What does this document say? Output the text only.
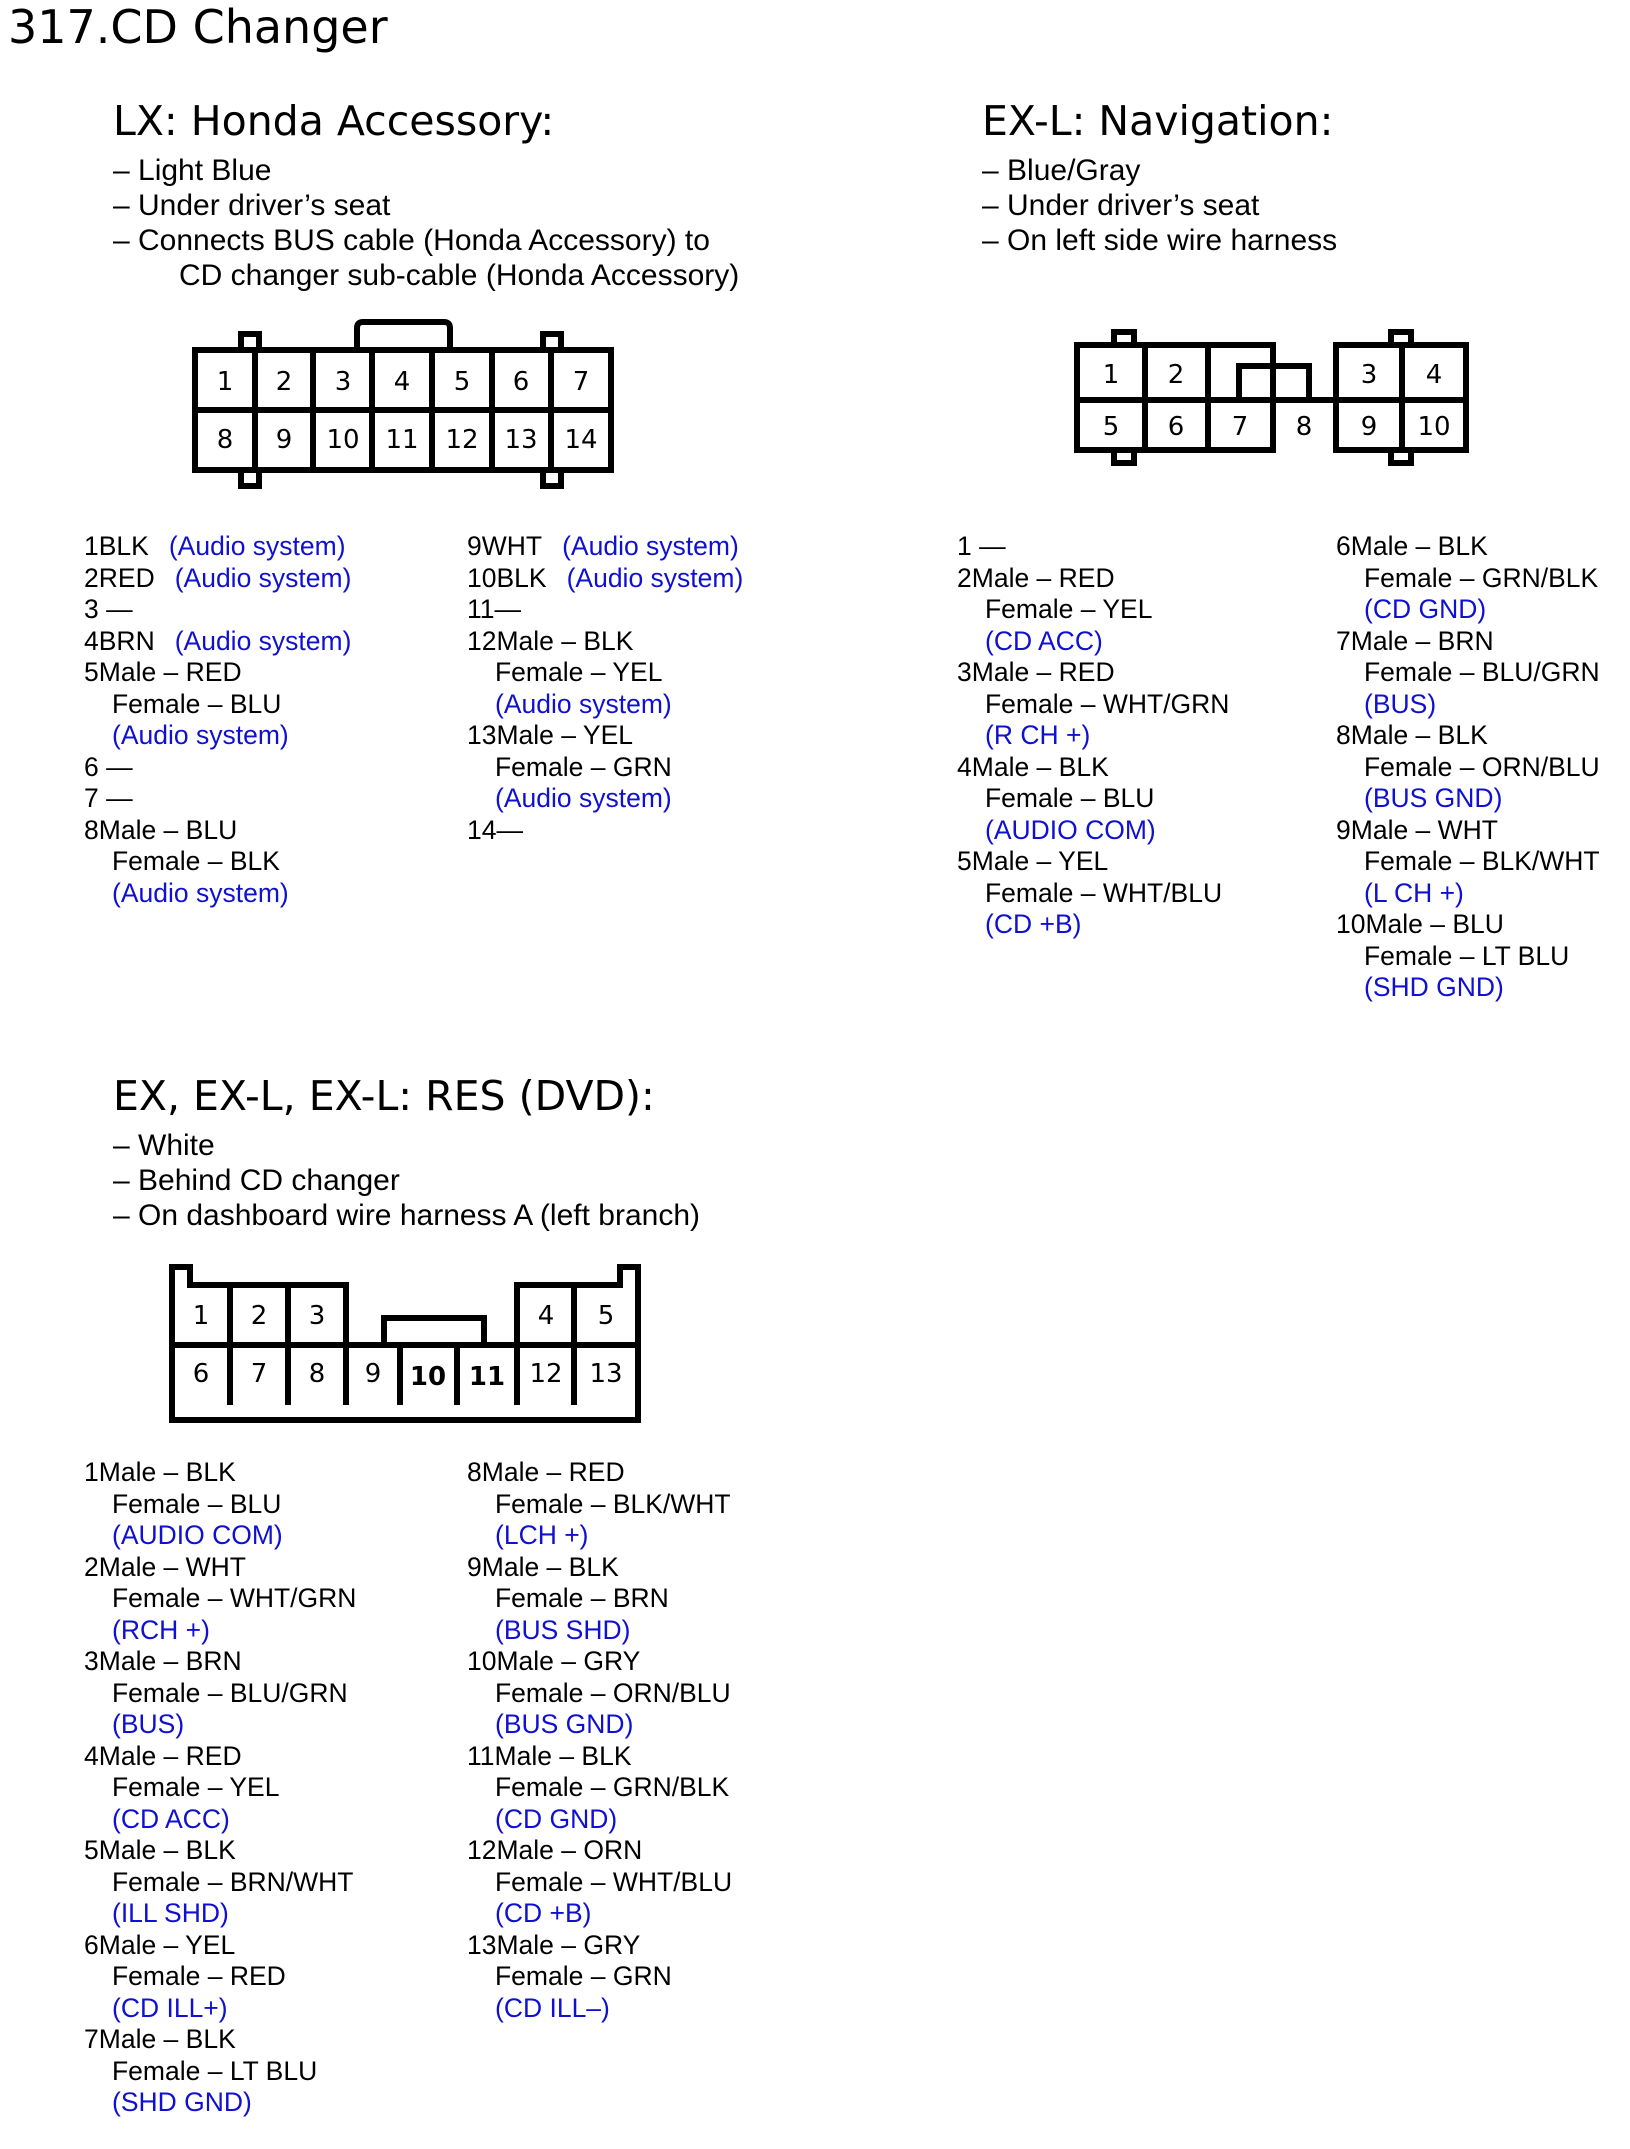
317.CD Changer
LX: Honda Accessory:
– Light Blue
– Under driver’s seat
– Connects BUS cable (Honda Accessory) to
CD changer sub-cable (Honda Accessory)
1 2 3 4 5 6 7
8 9 10 11 12 13 14
1BLK (Audio system)
2RED (Audio system)
3 —
4BRN (Audio system)
5Male – RED
Female – BLU
(Audio system)
6 —
7 —
8Male – BLU
Female – BLK
(Audio system)
9WHT (Audio system)
10BLK (Audio system)
11—
12Male – BLK
Female – YEL
(Audio system)
13Male – YEL
Female – GRN
(Audio system)
14—
EX-L: Navigation:
– Blue/Gray
– Under driver’s seat
– On left side wire harness
1 2	3 4
5 6 7 8 9 10
1 —
2Male – RED
Female – YEL
(CD ACC)
3Male – RED
Female – WHT/GRN
(R CH +)
4Male – BLK
Female – BLU
(AUDIO COM)
5Male – YEL
Female – WHT/BLU
(CD +B)
6Male – BLK
Female – GRN/BLK
(CD GND)
7Male – BRN
Female – BLU/GRN
(BUS)
8Male – BLK
Female – ORN/BLU
(BUS GND)
9Male – WHT
Female – BLK/WHT
(L CH +)
10Male – BLU
Female – LT BLU
(SHD GND)
EX, EX-L, EX-L: RES (DVD):
– White
– Behind CD changer
– On dashboard wire harness A (left branch)
1 2 3	4 5
6 7 8 9 10 11 12 13
1Male – BLK
Female – BLU
(AUDIO COM)
2Male – WHT
Female – WHT/GRN
(RCH +)
3Male – BRN
Female – BLU/GRN
(BUS)
4Male – RED
Female – YEL
(CD ACC)
5Male – BLK
Female – BRN/WHT
(ILL SHD)
6Male – YEL
Female – RED
(CD ILL+)
7Male – BLK
Female – LT BLU
(SHD GND)
8Male – RED
Female – BLK/WHT
(LCH +)
9Male – BLK
Female – BRN
(BUS SHD)
10Male – GRY
Female – ORN/BLU
(BUS GND)
11Male – BLK
Female – GRN/BLK
(CD GND)
12Male – ORN
Female – WHT/BLU
(CD +B)
13Male – GRY
Female – GRN
(CD ILL–)
